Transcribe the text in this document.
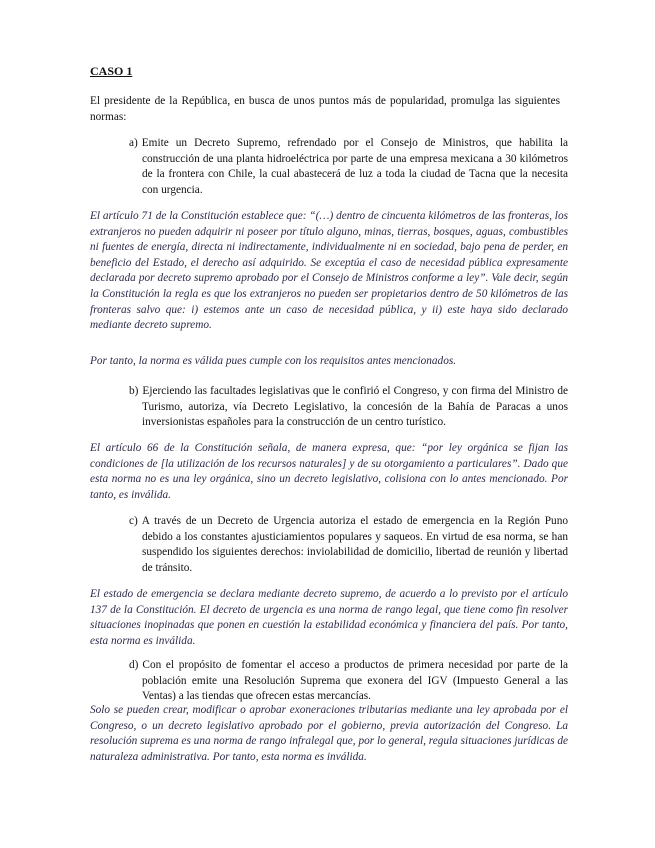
CASO 1

El presidente de la República, en busca de unos puntos más de popularidad, promulga las siguientes normas:

a) Emite un Decreto Supremo, refrendado por el Consejo de Ministros, que habilita la construcción de una planta hidroeléctrica por parte de una empresa mexicana a 30 kilómetros de la frontera con Chile, la cual abastecerá de luz a toda la ciudad de Tacna que la necesita con urgencia.

El artículo 71 de la Constitución establece que: “(…) dentro de cincuenta kilómetros de las fronteras, los extranjeros no pueden adquirir ni poseer por título alguno, minas, tierras, bosques, aguas, combustibles ni fuentes de energía, directa ni indirectamente, individualmente ni en sociedad, bajo pena de perder, en beneficio del Estado, el derecho así adquirido. Se exceptúa el caso de necesidad pública expresamente declarada por decreto supremo aprobado por el Consejo de Ministros conforme a ley”. Vale decir, según la Constitución la regla es que los extranjeros no pueden ser propietarios dentro de 50 kilómetros de las fronteras salvo que: i) estemos ante un caso de necesidad pública, y ii) este haya sido declarado mediante decreto supremo.

Por tanto, la norma es válida pues cumple con los requisitos antes mencionados.

b) Ejerciendo las facultades legislativas que le confirió el Congreso, y con firma del Ministro de Turismo, autoriza, vía Decreto Legislativo, la concesión de la Bahía de Paracas a unos inversionistas españoles para la construcción de un centro turístico.

El artículo 66 de la Constitución señala, de manera expresa, que: “por ley orgánica se fijan las condiciones de [la utilización de los recursos naturales] y de su otorgamiento a particulares”. Dado que esta norma no es una ley orgánica, sino un decreto legislativo, colisiona con lo antes mencionado. Por tanto, es inválida.

c) A través de un Decreto de Urgencia autoriza el estado de emergencia en la Región Puno debido a los constantes ajusticiamientos populares y saqueos. En virtud de esa norma, se han suspendido los siguientes derechos: inviolabilidad de domicilio, libertad de reunión y libertad de tránsito.

El estado de emergencia se declara mediante decreto supremo, de acuerdo a lo previsto por el artículo 137 de la Constitución. El decreto de urgencia es una norma de rango legal, que tiene como fin resolver situaciones inopinadas que ponen en cuestión la estabilidad económica y financiera del país. Por tanto, esta norma es inválida.

d) Con el propósito de fomentar el acceso a productos de primera necesidad por parte de la población emite una Resolución Suprema que exonera del IGV (Impuesto General a las Ventas) a las tiendas que ofrecen estas mercancías.

Solo se pueden crear, modificar o aprobar exoneraciones tributarias mediante una ley aprobada por el Congreso, o un decreto legislativo aprobado por el gobierno, previa autorización del Congreso. La resolución suprema es una norma de rango infralegal que, por lo general, regula situaciones jurídicas de naturaleza administrativa. Por tanto, esta norma es inválida.
